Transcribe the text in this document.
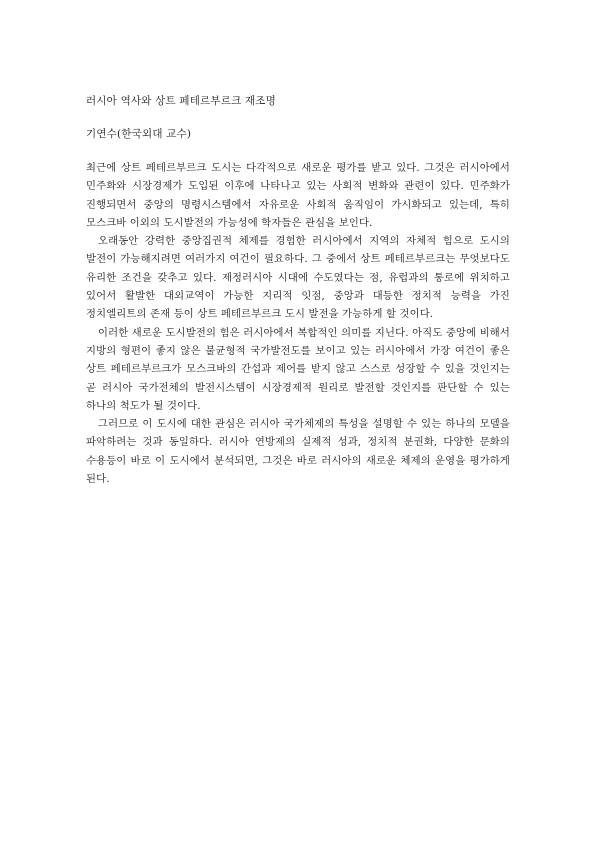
러시아 역사와 상트 페테르부르크 재조명

기연수(한국외대 교수)

최근에 상트 페테르부르크 도시는 다각적으로 새로운 평가를 받고 있다. 그것은 러시아에서 민주화와 시장경제가 도입된 이후에 나타나고 있는 사회적 변화와 관련이 있다. 민주화가 진행되면서 중앙의 명령시스템에서 자유로운 사회적 움직임이 가시화되고 있는데, 특히 모스크바 이외의 도시발전의 가능성에 학자들은 관심을 보인다.

오래동안 강력한 중앙집권적 체제를 경험한 러시아에서 지역의 자체적 힘으로 도시의 발전이 가능해지려면 여러가지 여건이 필요하다. 그 중에서 상트 페테르부르크는 무엇보다도 유리한 조건을 갖추고 있다. 제정러시아 시대에 수도였다는 점, 유럽과의 통로에 위치하고 있어서 활발한 대외교역이 가능한 지리적 잇점, 중앙과 대등한 정치적 능력을 가진 정치엘리트의 존재 등이 상트 페테르부르크 도시 발전을 가능하게 할 것이다.

이러한 새로운 도시발전의 힘은 러시아에서 복합적인 의미를 지닌다. 아직도 중앙에 비해서 지방의 형편이 좋지 않은 불균형적 국가발전도를 보이고 있는 러시아에서 가장 여건이 좋은 상트 페테르부르크가 모스크바의 간섭과 제어를 받지 않고 스스로 성장할 수 있을 것인지는 곧 러시아 국가전체의 발전시스템이 시장경제적 원리로 발전할 것인지를 판단할 수 있는 하나의 척도가 될 것이다.

그러므로 이 도시에 대한 관심은 러시아 국가체제의 특성을 설명할 수 있는 하나의 모델을 파악하려는 것과 동일하다. 러시아 연방제의 실제적 성과, 정치적 분권화, 다양한 문화의 수용등이 바로 이 도시에서 분석되면, 그것은 바로 러시아의 새로운 체제의 운영을 평가하게 된다.
